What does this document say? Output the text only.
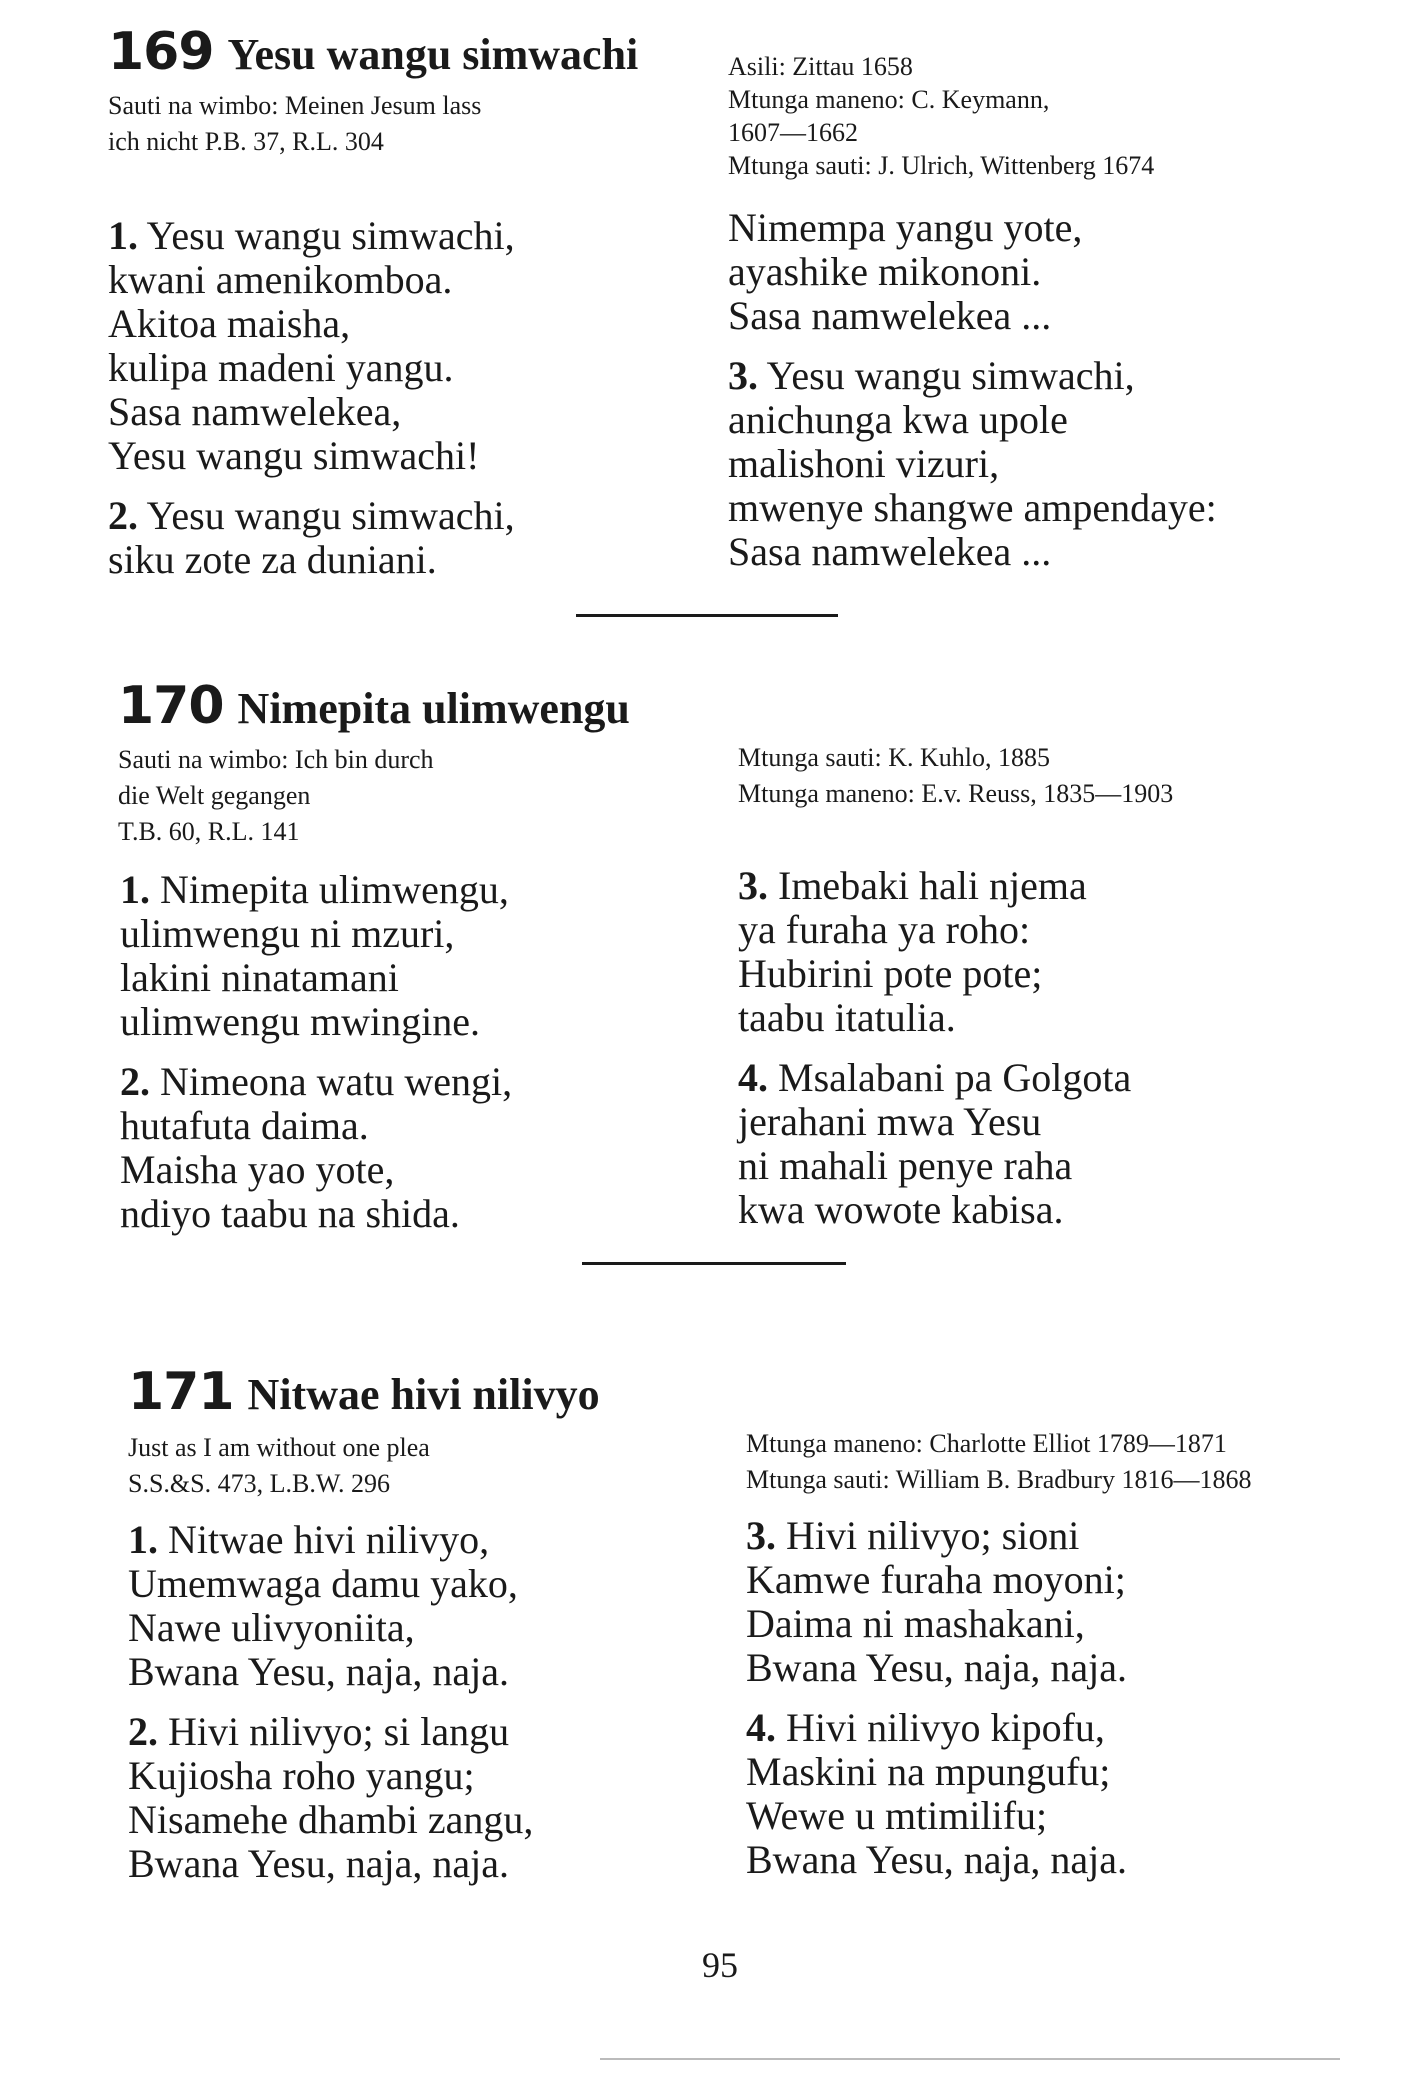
169 Yesu wangu simwachi
Sauti na wimbo: Meinen Jesum lass
ich nicht P.B. 37, R.L. 304
Asili: Zittau 1658
Mtunga maneno: C. Keymann,
1607—1662
Mtunga sauti: J. Ulrich, Wittenberg 1674
1. Yesu wangu simwachi,
kwani amenikomboa.
Akitoa maisha,
kulipa madeni yangu.
Sasa namwelekea,
Yesu wangu simwachi!
2. Yesu wangu simwachi,
siku zote za duniani.
Nimempa yangu yote,
ayashike mikononi.
Sasa namwelekea ...
3. Yesu wangu simwachi,
anichunga kwa upole
malishoni vizuri,
mwenye shangwe ampendaye:
Sasa namwelekea ...
170 Nimepita ulimwengu
Sauti na wimbo: Ich bin durch
die Welt gegangen
T.B. 60, R.L. 141
Mtunga sauti: K. Kuhlo, 1885
Mtunga maneno: E.v. Reuss, 1835—1903
1. Nimepita ulimwengu,
ulimwengu ni mzuri,
lakini ninatamani
ulimwengu mwingine.
2. Nimeona watu wengi,
hutafuta daima.
Maisha yao yote,
ndiyo taabu na shida.
3. Imebaki hali njema
ya furaha ya roho:
Hubirini pote pote;
taabu itatulia.
4. Msalabani pa Golgota
jerahani mwa Yesu
ni mahali penye raha
kwa wowote kabisa.
171 Nitwae hivi nilivyo
Just as I am without one plea
S.S.&S. 473, L.B.W. 296
Mtunga maneno: Charlotte Elliot 1789—1871
Mtunga sauti: William B. Bradbury 1816—1868
1. Nitwae hivi nilivyo,
Umemwaga damu yako,
Nawe ulivyoniita,
Bwana Yesu, naja, naja.
2. Hivi nilivyo; si langu
Kujiosha roho yangu;
Nisamehe dhambi zangu,
Bwana Yesu, naja, naja.
3. Hivi nilivyo; sioni
Kamwe furaha moyoni;
Daima ni mashakani,
Bwana Yesu, naja, naja.
4. Hivi nilivyo kipofu,
Maskini na mpungufu;
Wewe u mtimilifu;
Bwana Yesu, naja, naja.
95
